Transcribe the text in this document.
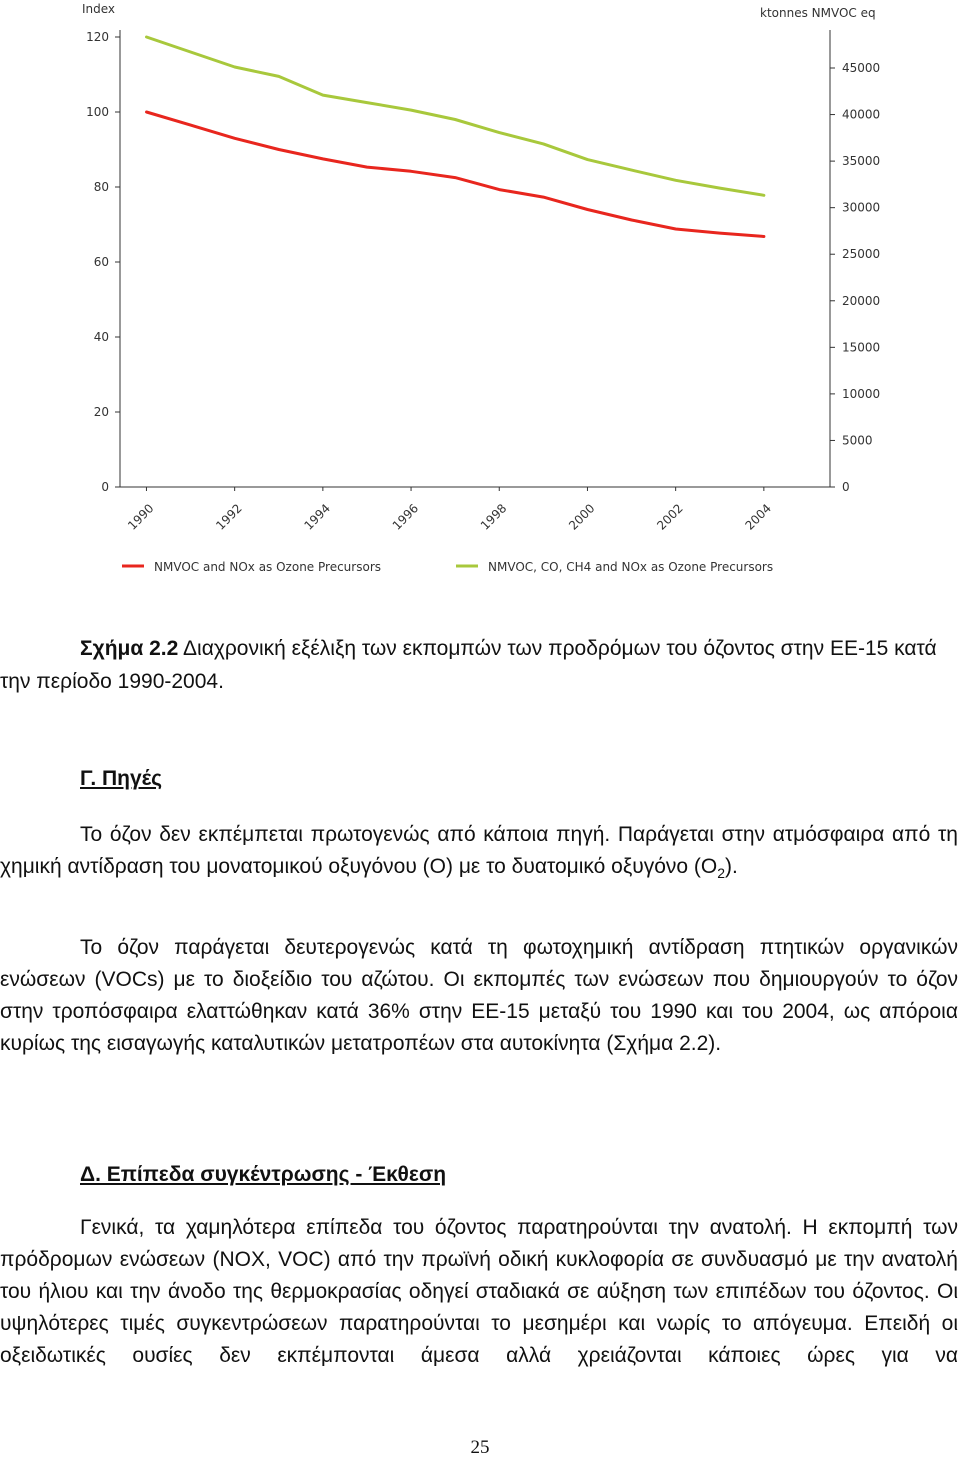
Index	ktonnes NMVOC eq
0
20
40
60
80
100
120
0
5000
10000
15000
20000
25000
30000
35000
40000
45000
1990	1992	1994	1996	1998	2000	2002	2004
NMVOC and NOx as Ozone Precursors	NMVOC, CO, CH4 and NOx as Ozone Precursors

Σχήμα 2.2 Διαχρονική εξέλιξη των εκπομπών των προδρόμων του όζοντος στην ΕΕ-15 κατά την περίοδο 1990-2004.

Γ. Πηγές

Το όζον δεν εκπέμπεται πρωτογενώς από κάποια πηγή. Παράγεται στην ατμόσφαιρα από τη χημική αντίδραση του μονατομικού οξυγόνου (Ο) με το δυατομικό οξυγόνο $(O_2)$.

Το όζον παράγεται δευτερογενώς κατά τη φωτοχημική αντίδραση πτητικών οργανικών ενώσεων (VOCs) με το διοξείδιο του αζώτου. Οι εκπομπές των ενώσεων που δημιουργούν το όζον στην τροπόσφαιρα ελαττώθηκαν κατά 36% στην ΕΕ-15 μεταξύ του 1990 και του 2004, ως απόροια κυρίως της εισαγωγής καταλυτικών μετατροπέων στα αυτοκίνητα (Σχήμα 2.2).

Δ. Επίπεδα συγκέντρωσης - Έκθεση

Γενικά, τα χαμηλότερα επίπεδα του όζοντος παρατηρούνται την ανατολή. Η εκπομπή των πρόδρομων ενώσεων (ΝΟΧ, VOC) από την πρωϊνή οδική κυκλοφορία σε συνδυασμό με την ανατολή του ήλιου και την άνοδο της θερμοκρασίας οδηγεί σταδιακά σε αύξηση των επιπέδων του όζοντος. Οι υψηλότερες τιμές συγκεντρώσεων παρατηρούνται το μεσημέρι και νωρίς το απόγευμα. Επειδή οι οξειδωτικές ουσίες δεν εκπέμπονται άμεσα αλλά χρειάζονται κάποιες ώρες για να

25
